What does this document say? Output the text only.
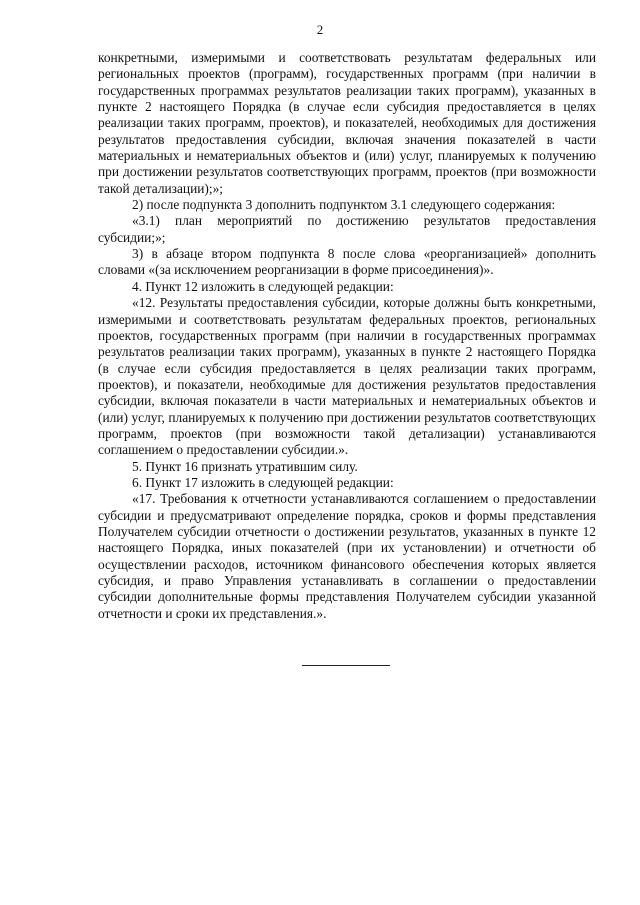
2

конкретными, измеримыми и соответствовать результатам федеральных или региональных проектов (программ), государственных программ (при наличии в государственных программах результатов реализации таких программ), указанных в пункте 2 настоящего Порядка (в случае если субсидия предоставляется в целях реализации таких программ, проектов), и показателей, необходимых для достижения результатов предоставления субсидии, включая значения показателей в части материальных и нематериальных объектов и (или) услуг, планируемых к получению при достижении результатов соответствующих программ, проектов (при возможности такой детализации);»;

2) после подпункта 3 дополнить подпунктом 3.1 следующего содержания:

«3.1) план мероприятий по достижению результатов предоставления субсидии;»;

3) в абзаце втором подпункта 8 после слова «реорганизацией» дополнить словами «(за исключением реорганизации в форме присоединения)».

4. Пункт 12 изложить в следующей редакции:

«12. Результаты предоставления субсидии, которые должны быть конкретными, измеримыми и соответствовать результатам федеральных проектов, региональных проектов, государственных программ (при наличии в государственных программах результатов реализации таких программ), указанных в пункте 2 настоящего Порядка (в случае если субсидия предоставляется в целях реализации таких программ, проектов), и показатели, необходимые для достижения результатов предоставления субсидии, включая показатели в части материальных и нематериальных объектов и (или) услуг, планируемых к получению при достижении результатов соответствующих программ, проектов (при возможности такой детализации) устанавливаются соглашением о предоставлении субсидии.».

5. Пункт 16 признать утратившим силу.

6. Пункт 17 изложить в следующей редакции:

«17. Требования к отчетности устанавливаются соглашением о предоставлении субсидии и предусматривают определение порядка, сроков и формы представления Получателем субсидии отчетности о достижении результатов, указанных в пункте 12 настоящего Порядка, иных показателей (при их установлении) и отчетности об осуществлении расходов, источником финансового обеспечения которых является субсидия, и право Управления устанавливать в соглашении о предоставлении субсидии дополнительные формы представления Получателем субсидии указанной отчетности и сроки их представления.».
